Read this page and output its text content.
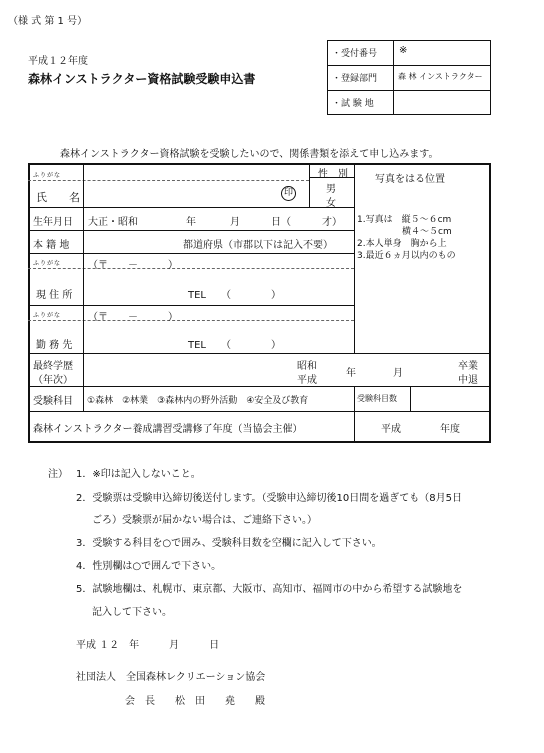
（様 式 第 1 号）
平成１２年度
森林インストラクター資格試験受験申込書
・受付番号 ※
・登録部門	森 林 インストラクター
・試 験 地
森林インストラクター資格試験を受験したいので、関係書類を添えて申し込みます。
ふりがな
氏　　名	印
性　別
男
女
写真をはる位置
1.写真は　縦５～６cm
　　　　　横４～５cm
2.本人単身　胸から上
3.最近６ヵ月以内のもの
生年月日 大正・昭和	年	月	日（	才）
本 籍 地	都道府県（市郡以下は記入不要）
ふりがな	（〒　　－　　　）
現 住 所	TEL　　（　　　　）
ふりがな	（〒　　－　　　）
勤 務 先	TEL　　（　　　　）
最終学歴
（年次）
昭和
平成
年	月
卒業
中退
受験科目 ①森林　②林業　③森林内の野外活動　④安全及び教育	受験科目数
森林インストラクター養成講習受講修了年度（当協会主催）	平成	年度
注） 1．※印は記入しないこと。
2．受験票は受験申込締切後送付します。（受験申込締切後10日間を過ぎても（8月5日
ごろ）受験票が届かない場合は、ご連絡下さい。）
3．受験する科目を○で囲み、受験科目数を空欄に記入して下さい。
4．性別欄は○で囲んで下さい。
5．試験地欄は、札幌市、東京都、大阪市、高知市、福岡市の中から希望する試験地を
記入して下さい。
平成 １２　年　　　月　　　日
社団法人　全国森林レクリエーション協会
会　長　　松　田　　堯　　殿
